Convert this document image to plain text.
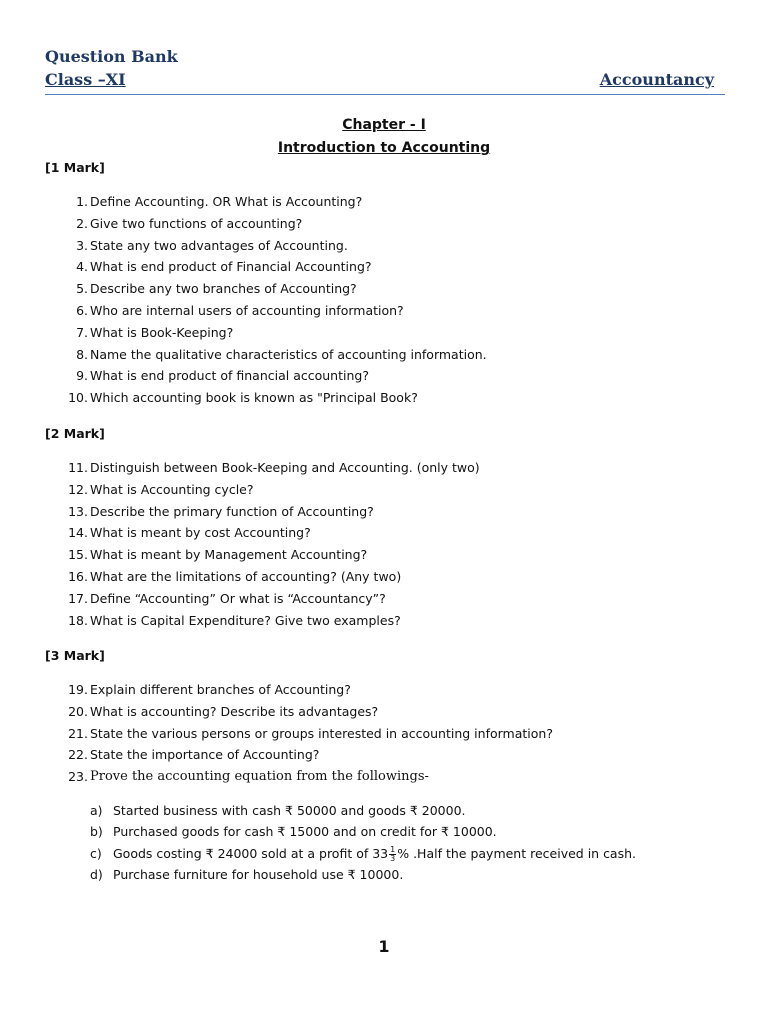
Question Bank
Class –XI	Accountancy
Chapter - I
Introduction to Accounting
[1 Mark]
1. Define Accounting. OR What is Accounting?
2. Give two functions of accounting?
3. State any two advantages of Accounting.
4. What is end product of Financial Accounting?
5. Describe any two branches of Accounting?
6. Who are internal users of accounting information?
7. What is Book-Keeping?
8. Name the qualitative characteristics of accounting information.
9. What is end product of financial accounting?
10. Which accounting book is known as "Principal Book?
[2 Mark]
11. Distinguish between Book-Keeping and Accounting. (only two)
12. What is Accounting cycle?
13. Describe the primary function of Accounting?
14. What is meant by cost Accounting?
15. What is meant by Management Accounting?
16. What are the limitations of accounting? (Any two)
17. Define “Accounting” Or what is “Accountancy”?
18. What is Capital Expenditure? Give two examples?
[3 Mark]
19. Explain different branches of Accounting?
20. What is accounting? Describe its advantages?
21. State the various persons or groups interested in accounting information?
22. State the importance of Accounting?
23. Prove the accounting equation from the followings-
a) Started business with cash ₹ 50000 and goods ₹ 20000.
b) Purchased goods for cash ₹ 15000 and on credit for ₹ 10000.
c) Goods costing ₹ 24000 sold at a profit of $33 \frac{1}{3}$ % .Half the payment received in cash.
d) Purchase furniture for household use ₹ 10000.
1
